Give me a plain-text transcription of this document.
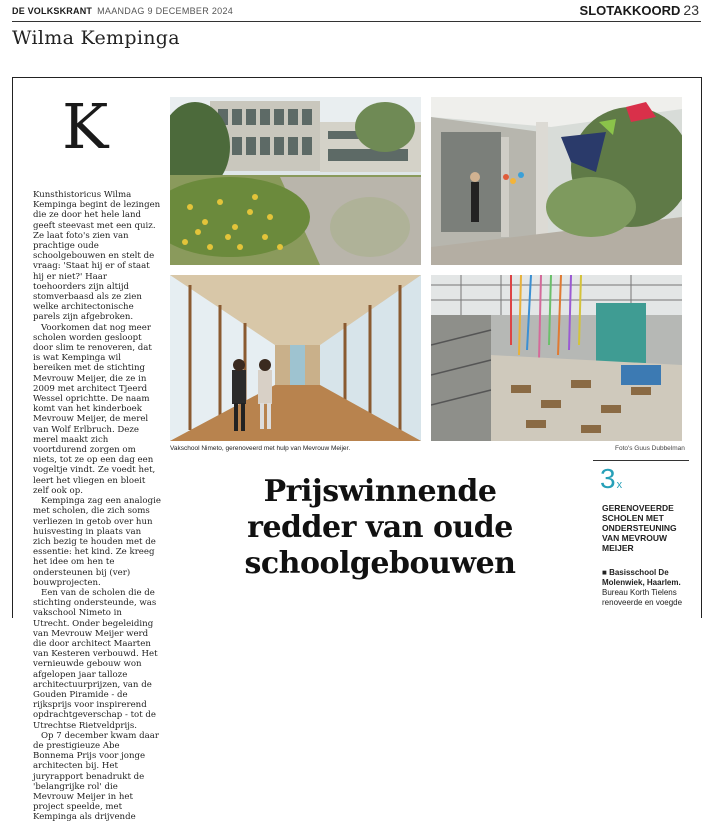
DE VOLKSKRANT MAANDAG 9 DECEMBER 2024	SLOTAKKOORD 23
Wilma Kempinga
K

Kunsthistoricus Wilma Kempinga begint de lezingen die ze door het hele land geeft steevast met een quiz. Ze laat foto's zien van prachtige oude schoolgebouwen en stelt de vraag: 'Staat hij er of staat hij er niet?' Haar toehoorders zijn altijd stomverbaasd als ze zien welke architectonische parels zijn afgebroken.

Voorkomen dat nog meer scholen worden gesloopt door slim te renoveren, dat is wat Kempinga wil bereiken met de stichting Mevrouw Meijer, die ze in 2009 met architect Tjeerd Wessel oprichtte. De naam komt van het kinderboek Mevrouw Meijer, de merel van Wolf Erlbruch. Deze merel maakt zich voortdurend zorgen om niets, tot ze op een dag een vogeltje vindt. Ze voedt het, leert het vliegen en bloeit zelf ook op.

Kempinga zag een analogie met scholen, die zich soms verliezen in getob over hun huisvesting in plaats van zich bezig te houden met de essentie: het kind. Ze kreeg het idee om hen te ondersteunen bij (ver) bouwprojecten.

Een van de scholen die de stichting ondersteunde, was vakschool Nimeto in Utrecht. Onder begeleiding van Mevrouw Meijer werd die door architect Maarten van Kesteren verbouwd. Het vernieuwde gebouw won afgelopen jaar talloze architectuurprijzen, van de Gouden Piramide - de rijksprijs voor inspirerend opdrachtgeverschap - tot de Utrechtse Rietveldprijs.

Op 7 december kwam daar de prestigieuze Abe Bonnema Prijs voor jonge architecten bij. Het juryrapport benadrukt de 'belangrijke rol' die Mevrouw Meijer in het project speelde, met Kempinga als drijvende

Vakschool Nimeto, gerenoveerd met hulp van Mevrouw Meijer.	Foto's Guus Dubbelman
Prijswinnende redder van oude schoolgebouwen
3x
GERENOVEERDE SCHOLEN MET ONDERSTEUNING VAN MEVROUW MEIJER
■ Basisschool De Molenwiek, Haarlem. Bureau Korth Tielens renoveerde en voegde
